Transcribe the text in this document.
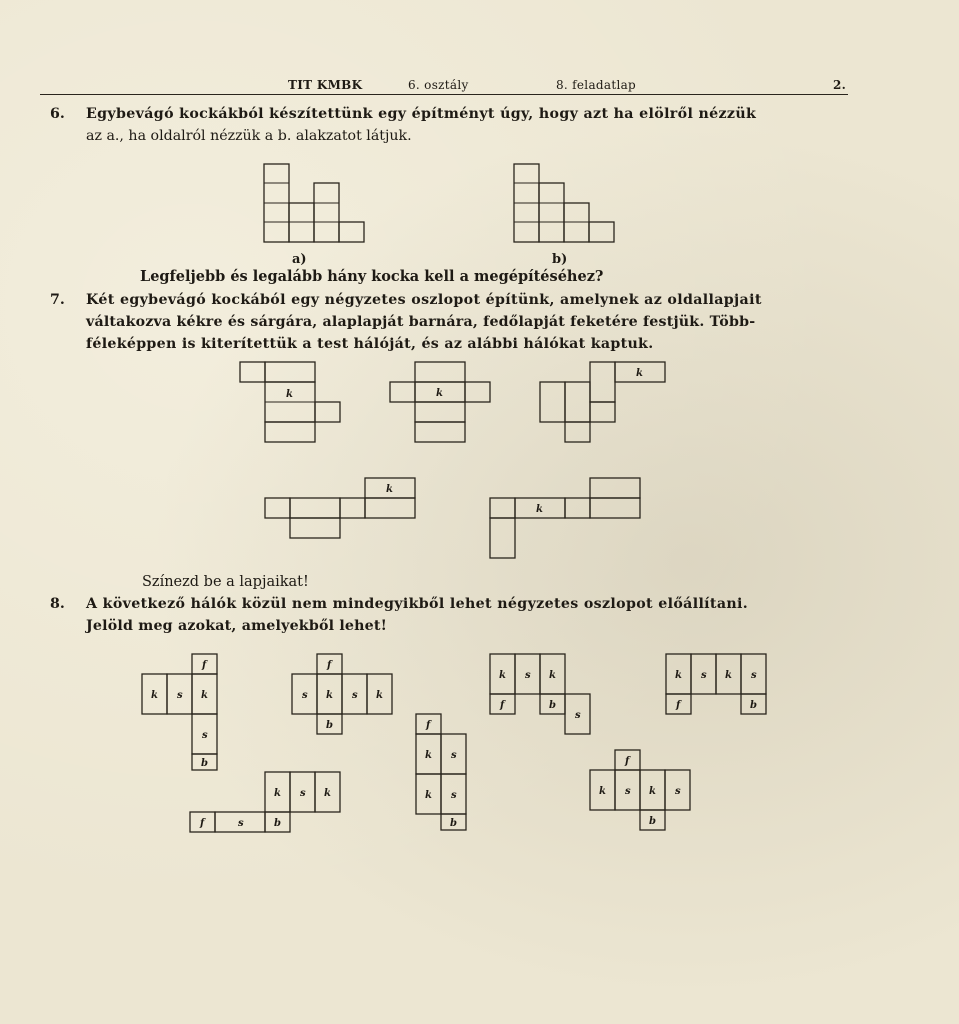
TIT KMBK	6. osztály	8. feladatlap	2.
6. Egybevágó kockákból készítettünk egy építményt úgy, hogy azt ha elölről nézzük
az a., ha oldalról nézzük a b. alakzatot látjuk.
a)	b)
Legfeljebb és legalább hány kocka kell a megépítéséhez?
7. Két egybevágó kockából egy négyzetes oszlopot építünk, amelynek az oldallapjait
váltakozva kékre és sárgára, alaplapját barnára, fedőlapját feketére festjük. Több-
féleképpen is kiterítettük a test hálóját, és az alábbi hálókat kaptuk.
k	k
k
k
k
Színezd be a lapjaikat!
8. A következő hálók közül nem mindegyikből lehet négyzetes oszlopot előállítani.
Jelöld meg azokat, amelyekből lehet!
f
k s k
s
b
f
s k s k
b
k s k
f	s	b
f
k s
k s
b
k s k
f	b
s
k s k s
f	b
f
k s k s
b
